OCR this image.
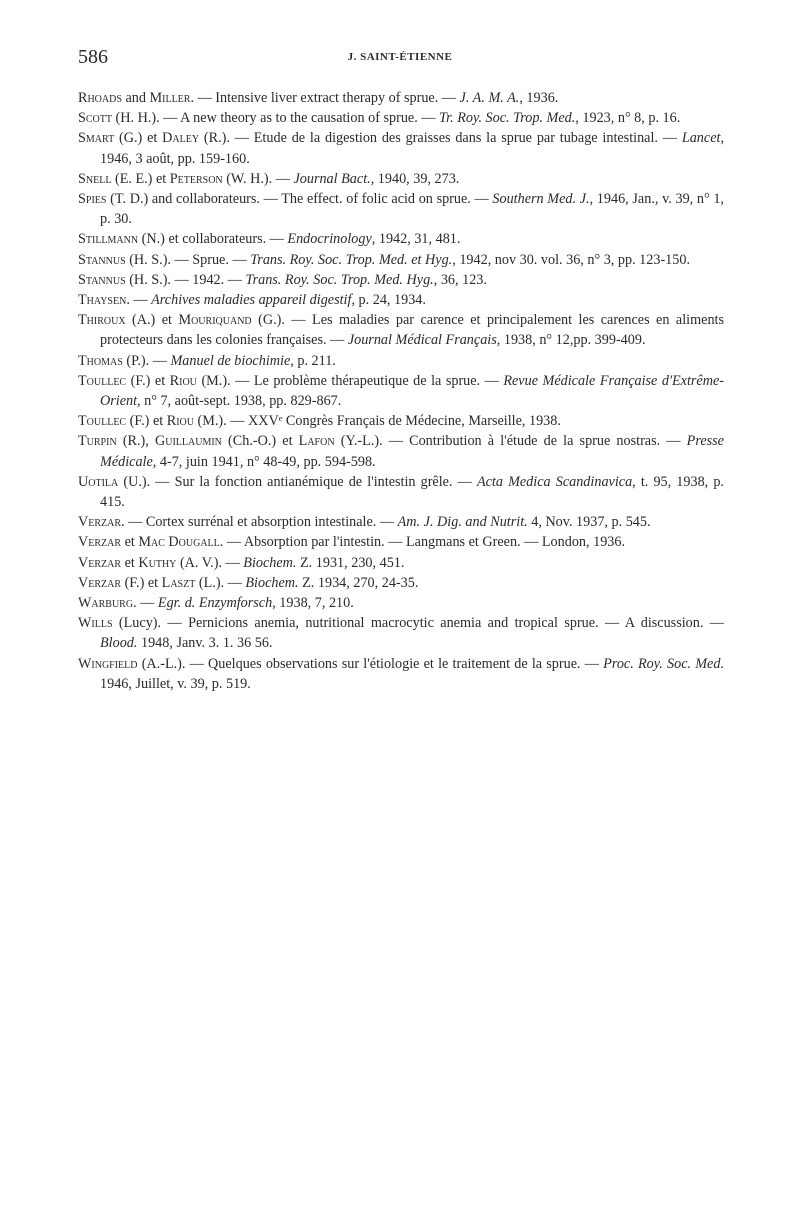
586	J. SAINT-ÉTIENNE
Rhoads and Miller. — Intensive liver extract therapy of sprue. — J. A. M. A., 1936.
Scott (H. H.). — A new theory as to the causation of sprue. — Tr. Roy. Soc. Trop. Med., 1923, n° 8, p. 16.
Smart (G.) et Daley (R.). — Etude de la digestion des graisses dans la sprue par tubage intestinal. — Lancet, 1946, 3 août, pp. 159-160.
Snell (E. E.) et Peterson (W. H.). — Journal Bact., 1940, 39, 273.
Spies (T. D.) and collaborateurs. — The effect. of folic acid on sprue. — Southern Med. J., 1946, Jan., v. 39, n° 1, p. 30.
Stillmann (N.) et collaborateurs. — Endocrinology, 1942, 31, 481.
Stannus (H. S.). — Sprue. — Trans. Roy. Soc. Trop. Med. et Hyg., 1942, nov 30. vol. 36, n° 3, pp. 123-150.
Stannus (H. S.). — 1942. — Trans. Roy. Soc. Trop. Med. Hyg., 36, 123.
Thaysen. — Archives maladies appareil digestif, p. 24, 1934.
Thiroux (A.) et Mouriquand (G.). — Les maladies par carence et principalement les carences en aliments protecteurs dans les colonies françaises. — Journal Médical Français, 1938, n° 12,pp. 399-409.
Thomas (P.). — Manuel de biochimie, p. 211.
Toullec (F.) et Riou (M.). — Le problème thérapeutique de la sprue. — Revue Médicale Française d'Extrême-Orient, n° 7, août-sept. 1938, pp. 829-867.
Toullec (F.) et Riou (M.). — XXVᵉ Congrès Français de Médecine, Marseille, 1938.
Turpin (R.), Guillaumin (Ch.-O.) et Lafon (Y.-L.). — Contribution à l'étude de la sprue nostras. — Presse Médicale, 4-7, juin 1941, n° 48-49, pp. 594-598.
Uotila (U.). — Sur la fonction antianémique de l'intestin grêle. — Acta Medica Scandinavica, t. 95, 1938, p. 415.
Verzar. — Cortex surrénal et absorption intestinale. — Am. J. Dig. and Nutrit. 4, Nov. 1937, p. 545.
Verzar et Mac Dougall. — Absorption par l'intestin. — Langmans et Green. — London, 1936.
Verzar et Kuthy (A. V.). — Biochem. Z. 1931, 230, 451.
Verzar (F.) et Laszt (L.). — Biochem. Z. 1934, 270, 24-35.
Warburg. — Egr. d. Enzymforsch, 1938, 7, 210.
Wills (Lucy). — Pernicions anemia, nutritional macrocytic anemia and tropical sprue. — A discussion. — Blood. 1948, Janv. 3. 1. 36 56.
Wingfield (A.-L.). — Quelques observations sur l'étiologie et le traitement de la sprue. — Proc. Roy. Soc. Med. 1946, Juillet, v. 39, p. 519.
